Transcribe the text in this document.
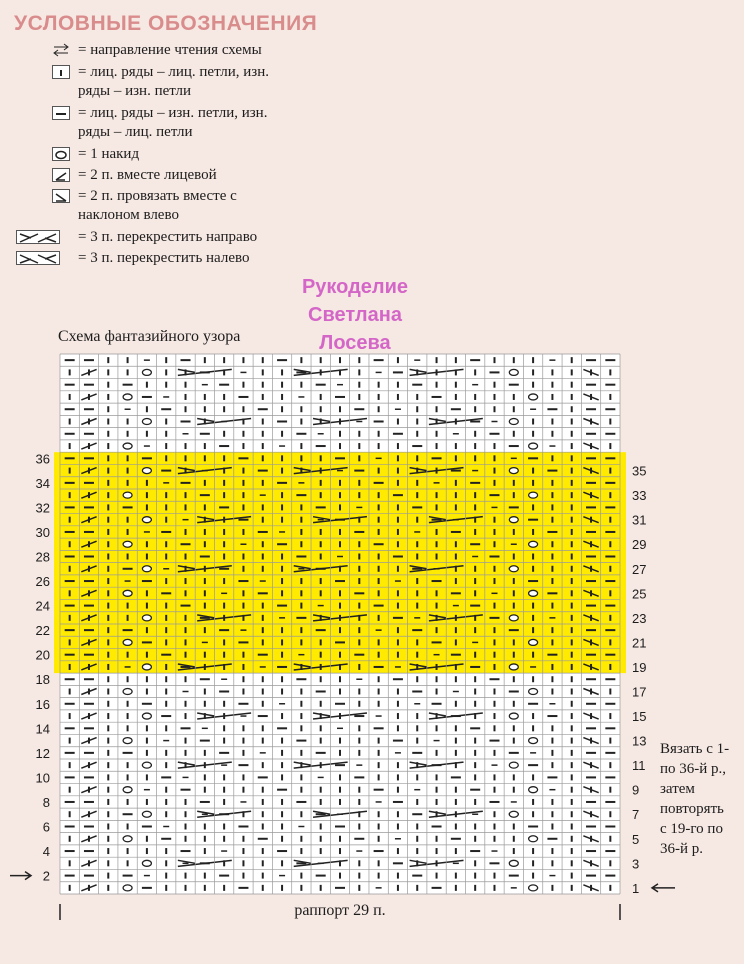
УСЛОВНЫЕ ОБОЗНАЧЕНИЯ
= направление чтения схемы
= лиц. ряды – лиц. петли, изн.
ряды – изн. петли
= лиц. ряды – изн. петли, изн.
ряды – лиц. петли
= 1 накид
= 2 п. вместе лицевой
= 2 п. провязать вместе с
наклоном влево
= 3 п. перекрестить направо
= 3 п. перекрестить налево
Рукоделие
Светлана
Лосева
Схема фантазийного узора
2
4
6
8
10
12
14
16
18
20
22
24
26
28
30
32
34
36
1
3
5
7
9
11
13
15
17
19
21
23
25
27
29
31
33
35
Вязать с 1-
по 36-й р.,
затем
повторять
с 19-го по
36-й р.
раппорт 29 п.
